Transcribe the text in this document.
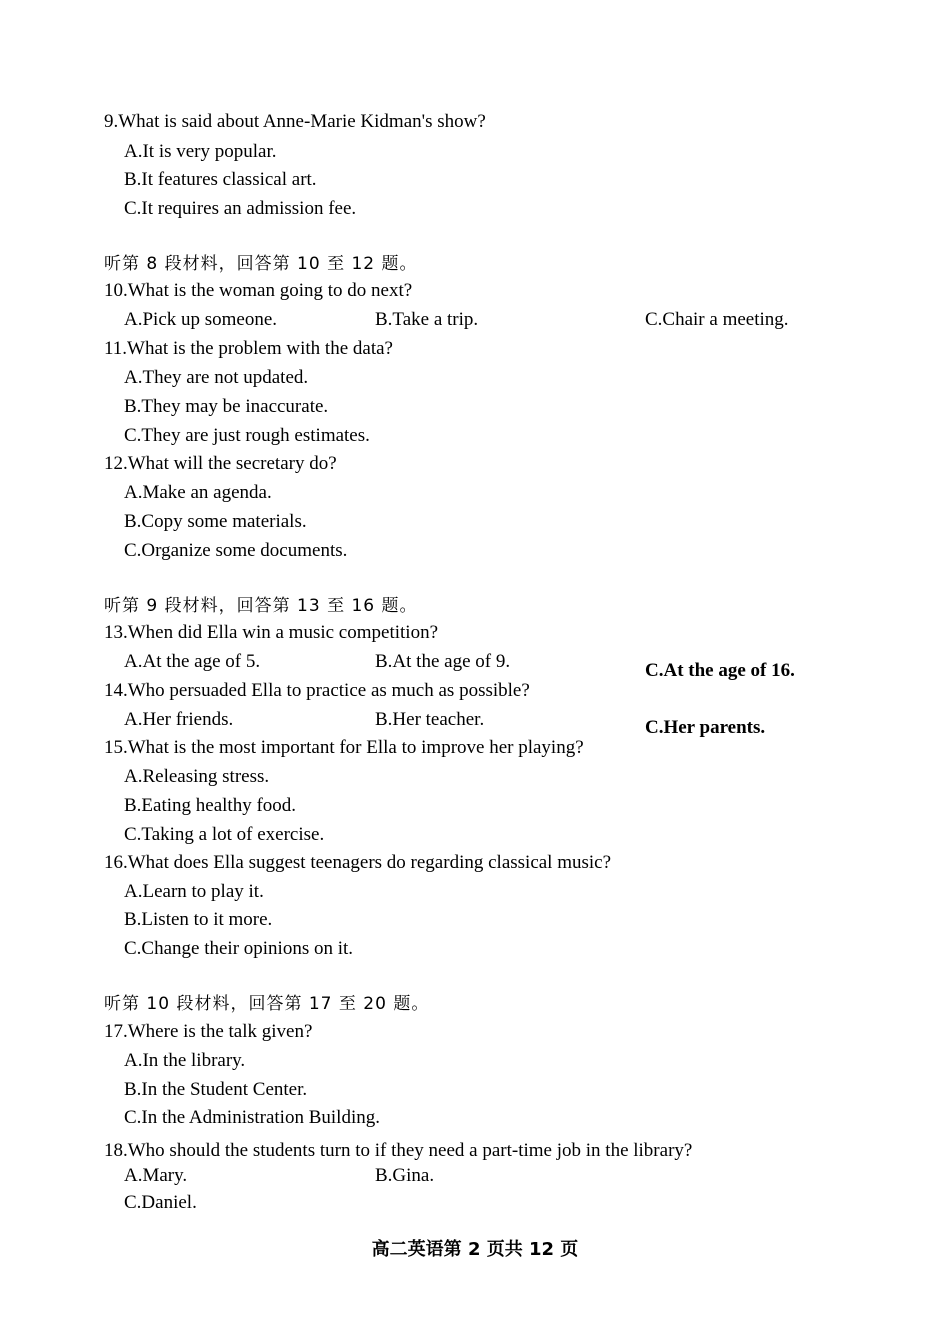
9.What is said about Anne-Marie Kidman's show?
A.It is very popular.
B.It features classical art.
C.It requires an admission fee.
听第 8 段材料，回答第 10 至 12 题。
10.What is the woman going to do next?
A.Pick up someone.	B.Take a trip.	C.Chair a meeting.
11.What is the problem with the data?
A.They are not updated.
B.They may be inaccurate.
C.They are just rough estimates.
12.What will the secretary do?
A.Make an agenda.
B.Copy some materials.
C.Organize some documents.
听第 9 段材料，回答第 13 至 16 题。
13.When did Ella win a music competition?
A.At the age of 5.	B.At the age of 9.	C.At the age of 16.
14.Who persuaded Ella to practice as much as possible?
A.Her friends.	B.Her teacher.	C.Her parents.
15.What is the most important for Ella to improve her playing?
A.Releasing stress.
B.Eating healthy food.
C.Taking a lot of exercise.
16.What does Ella suggest teenagers do regarding classical music?
A.Learn to play it.
B.Listen to it more.
C.Change their opinions on it.
听第 10 段材料，回答第 17 至 20 题。
17.Where is the talk given?
A.In the library.
B.In the Student Center.
C.In the Administration Building.
18.Who should the students turn to if they need a part-time job in the library?
A.Mary.	B.Gina.
C.Daniel.
高二英语第 2 页共 12 页
